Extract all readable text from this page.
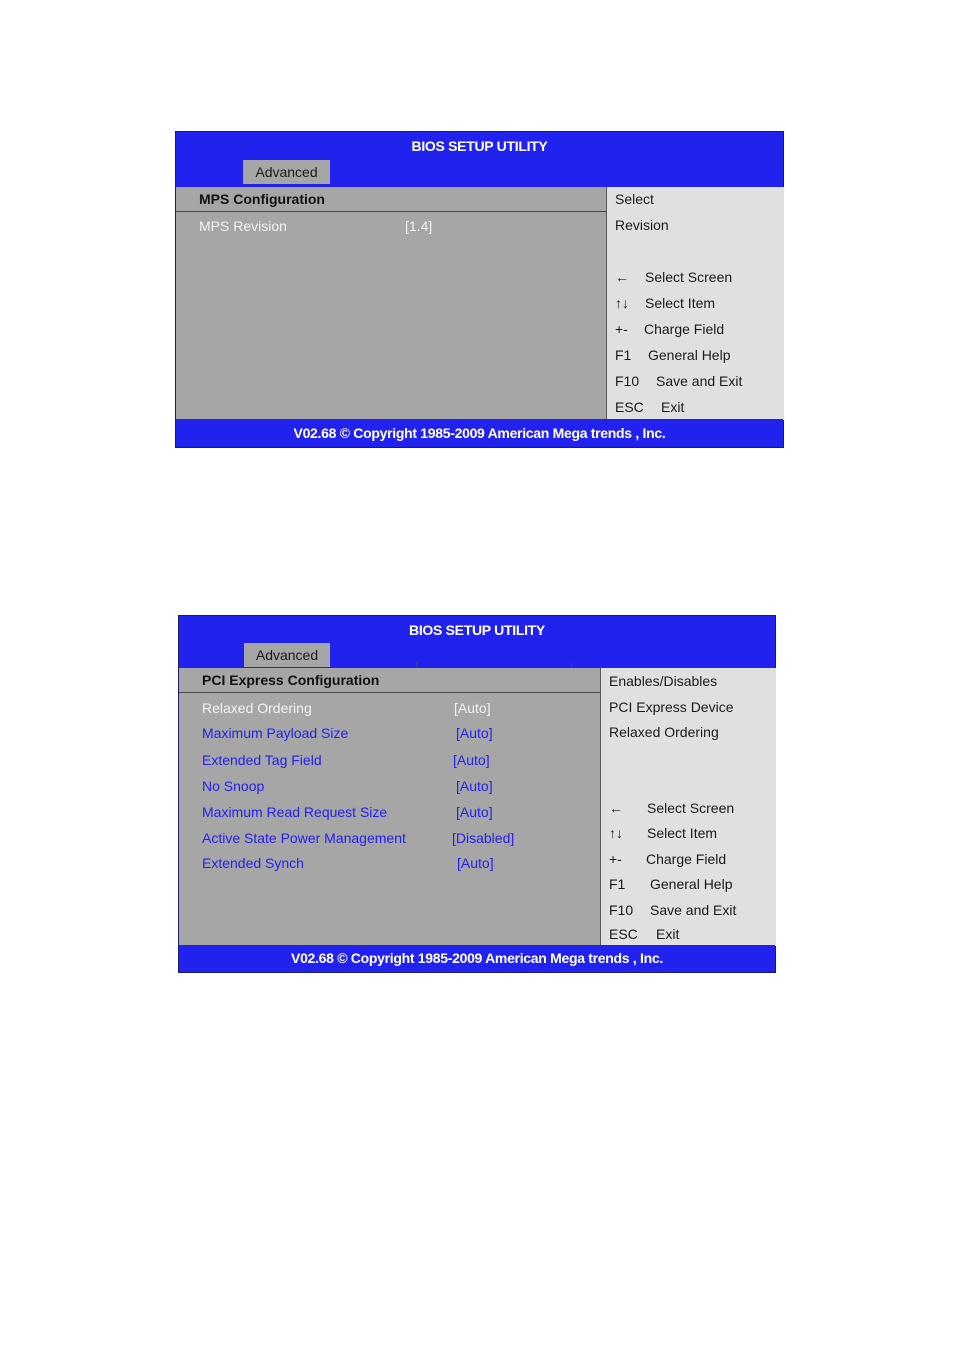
BIOS SETUP UTILITY
Advanced
MPS Configuration
MPS Revision	[1.4]
Select
Revision
← Select Screen
↑↓ Select Item
+- Charge Field
F1 General Help
F10 Save and Exit
ESC Exit
V02.68 © Copyright 1985-2009 American Mega trends , Inc.
BIOS SETUP UTILITY
Advanced
PCI Express Configuration
Relaxed Ordering	[Auto]
Maximum Payload Size	[Auto]
Extended Tag Field	[Auto]
No Snoop	[Auto]
Maximum Read Request Size	[Auto]
Active State Power Management	[Disabled]
Extended Synch	[Auto]
Enables/Disables
PCI Express Device
Relaxed Ordering
← Select Screen
↑↓ Select Item
+- Charge Field
F1 General Help
F10 Save and Exit
ESC Exit
V02.68 © Copyright 1985-2009 American Mega trends , Inc.
